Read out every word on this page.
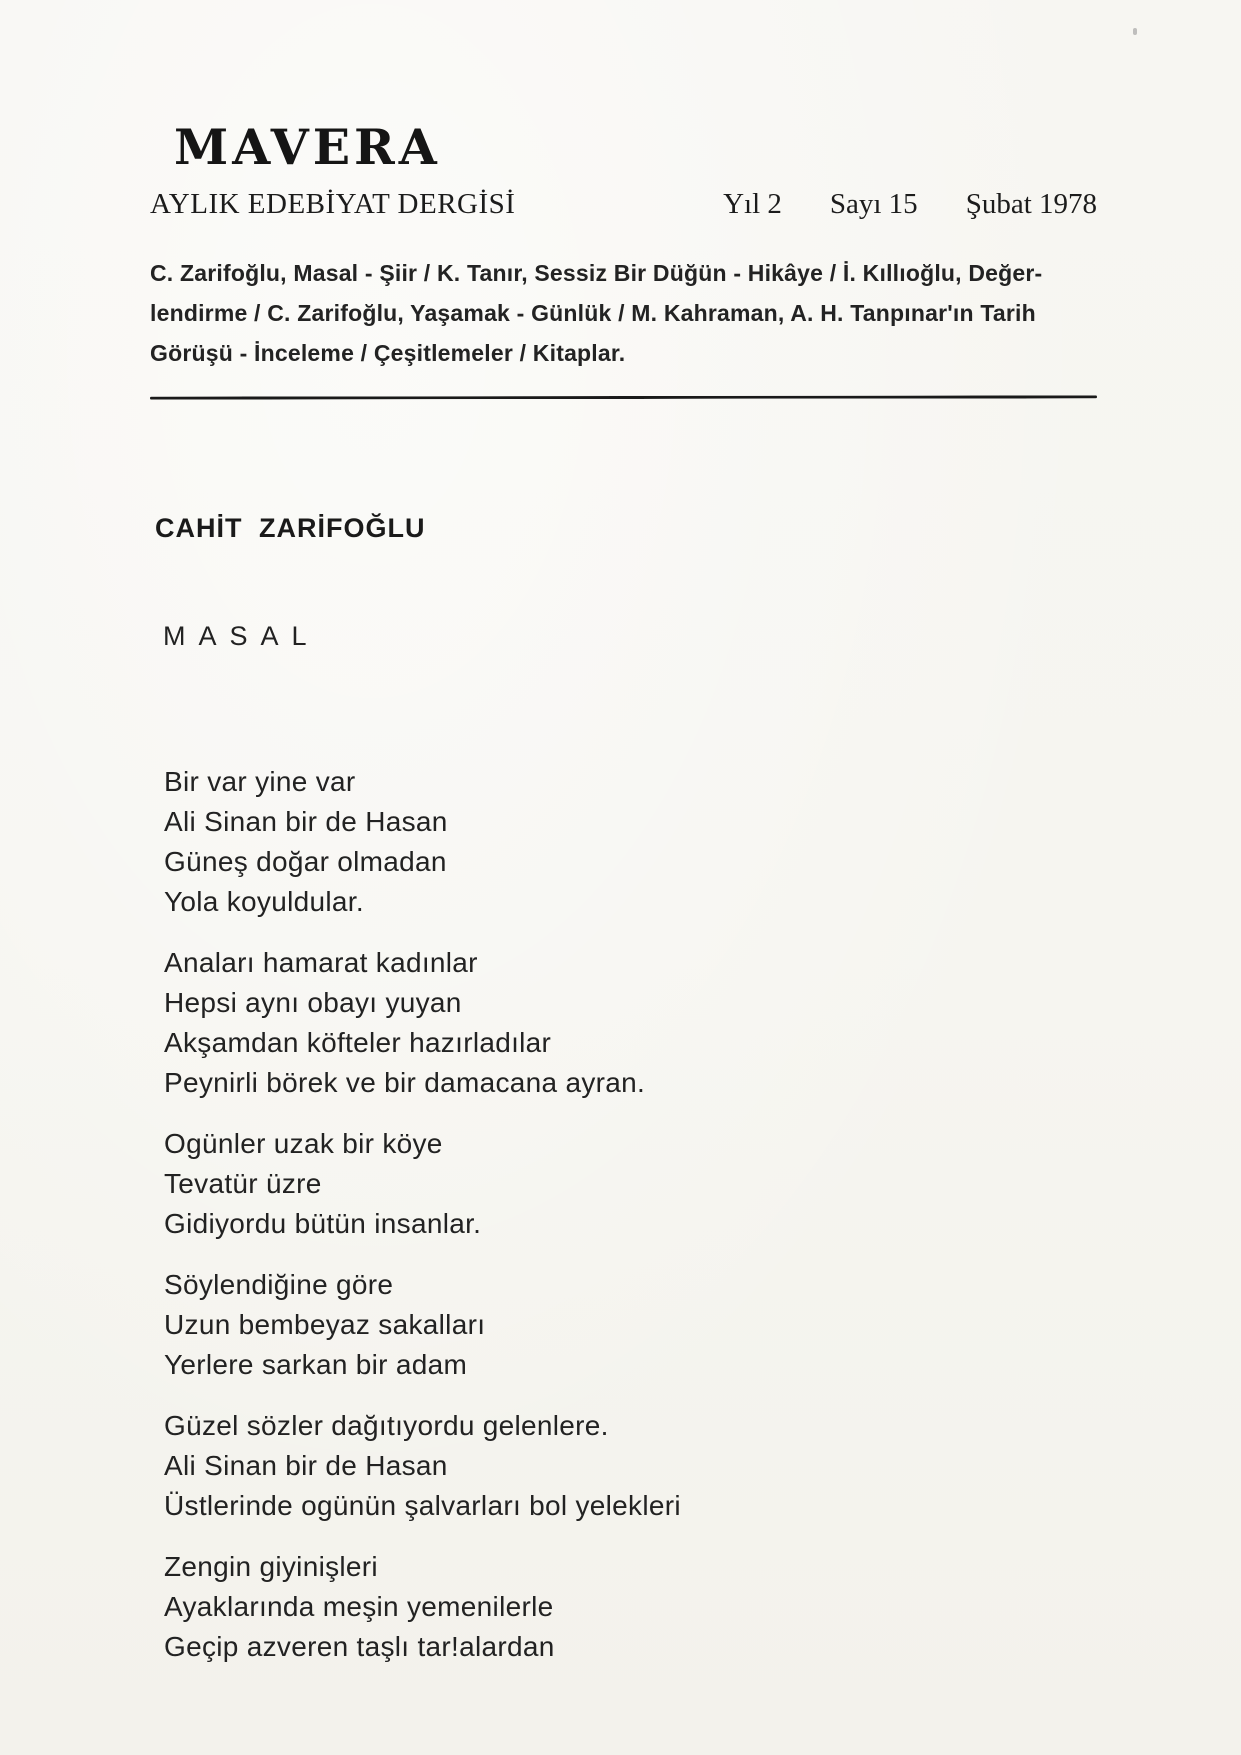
MAVERA
AYLIK EDEBİYAT DERGİSİ	Yıl 2 Sayı 15 Şubat 1978
C. Zarifoğlu, Masal - Şiir / K. Tanır, Sessiz Bir Düğün - Hikâye / İ. Kıllıoğlu, Değer-
lendirme / C. Zarifoğlu, Yaşamak - Günlük / M. Kahraman, A. H. Tanpınar'ın Tarih
Görüşü - İnceleme / Çeşitlemeler / Kitaplar.
CAHİT ZARİFOĞLU
MASAL
Bir var yine var
Ali Sinan bir de Hasan
Güneş doğar olmadan
Yola koyuldular.
Anaları hamarat kadınlar
Hepsi aynı obayı yuyan
Akşamdan köfteler hazırladılar
Peynirli börek ve bir damacana ayran.
Ogünler uzak bir köye
Tevatür üzre
Gidiyordu bütün insanlar.
Söylendiğine göre
Uzun bembeyaz sakalları
Yerlere sarkan bir adam
Güzel sözler dağıtıyordu gelenlere.
Ali Sinan bir de Hasan
Üstlerinde ogünün şalvarları bol yelekleri
Zengin giyinişleri
Ayaklarında meşin yemenilerle
Geçip azveren taşlı tar!alardan
